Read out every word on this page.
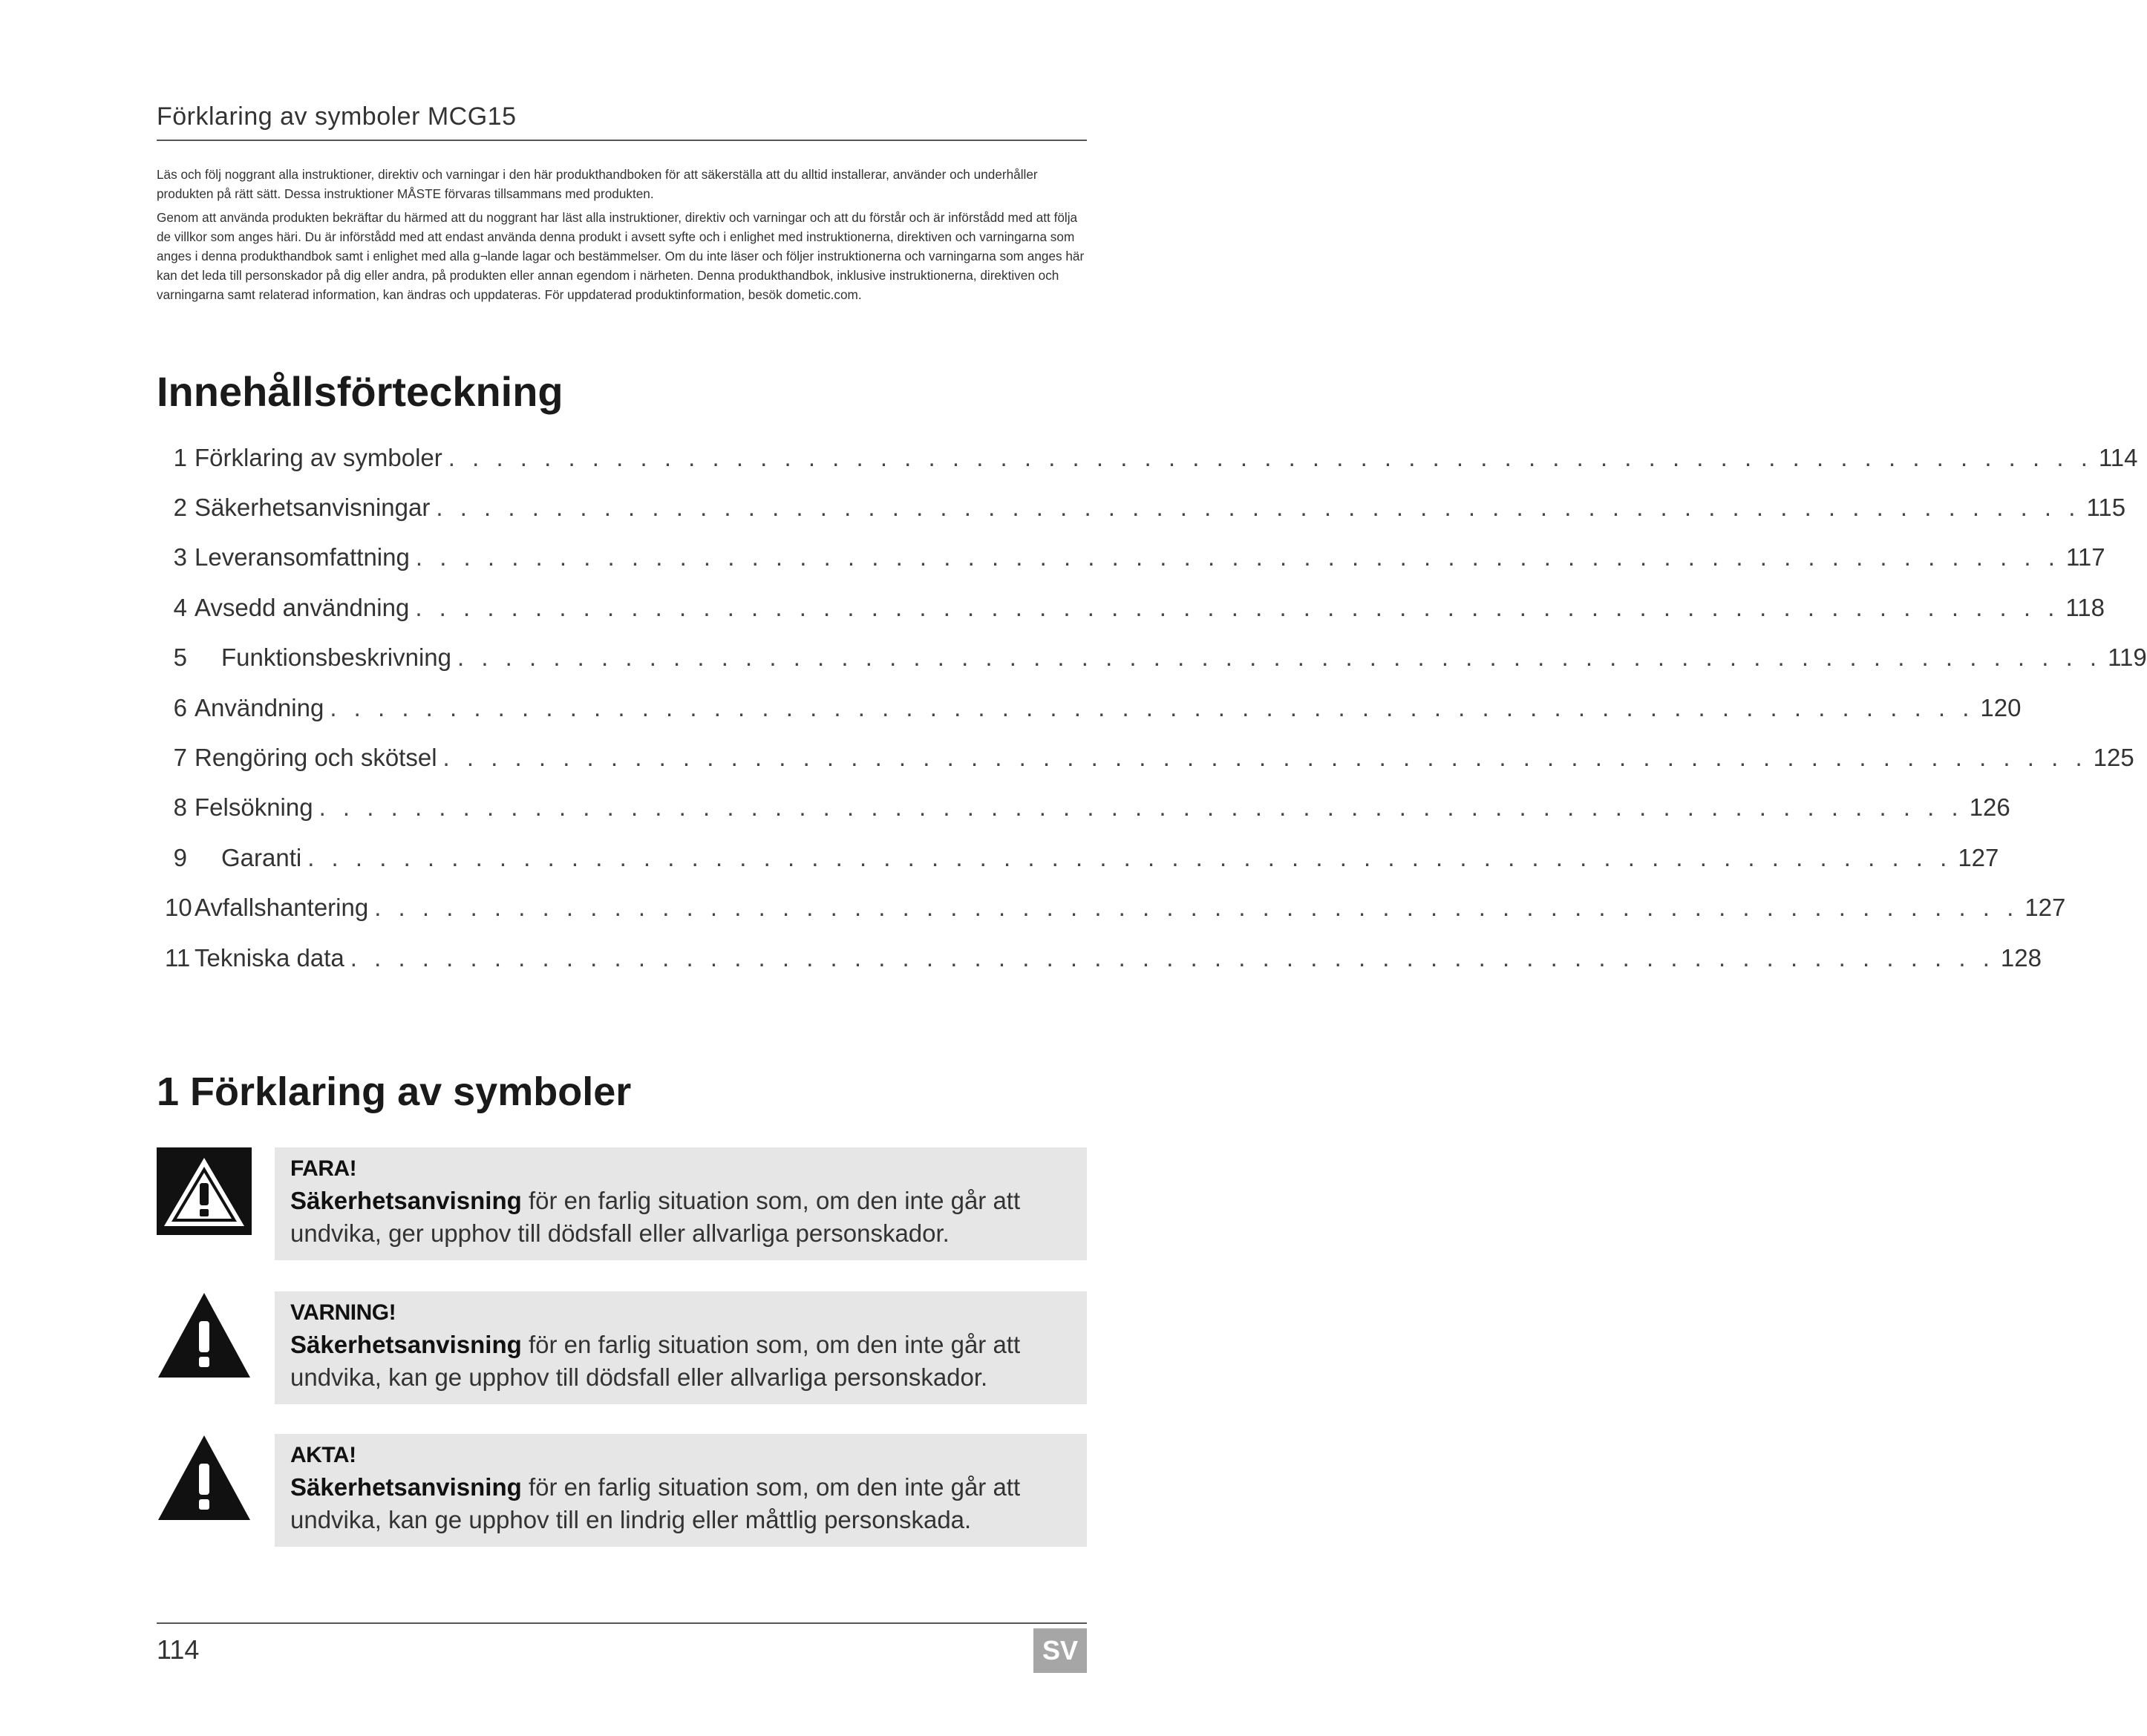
Förklaring av symboler MCG15

Läs och följ noggrant alla instruktioner, direktiv och varningar i den här produkthandboken för att säkerställa att du alltid installerar, använder och underhåller produkten på rätt sätt. Dessa instruktioner MÅSTE förvaras tillsammans med produkten.

Genom att använda produkten bekräftar du härmed att du noggrant har läst alla instruktioner, direktiv och varningar och att du förstår och är införstådd med att följa de villkor som anges häri. Du är införstådd med att endast använda denna produkt i avsett syfte och i enlighet med instruktionerna, direktiven och varningarna som anges i denna produkthandbok samt i enlighet med alla g¬lande lagar och bestämmelser. Om du inte läser och följer instruktionerna och varningarna som anges här kan det leda till personskador på dig eller andra, på produkten eller annan egendom i närheten. Denna produkthandbok, inklusive instruktionerna, direktiven och varningarna samt relaterad information, kan ändras och uppdateras. För uppdaterad produktinformation, besök dometic.com.

Innehållsförteckning
1 Förklaring av symboler . . . . . . . . . . . . . . . . . . . . . . . . . . . . . . . . . . . . . . . . . . . . . . . . . . . . . . . . . . . . . . . . . . . . . 114
2 Säkerhetsanvisningar . . . . . . . . . . . . . . . . . . . . . . . . . . . . . . . . . . . . . . . . . . . . . . . . . . . . . . . . . . . . . . . . . . . . . 115
3 Leveransomfattning . . . . . . . . . . . . . . . . . . . . . . . . . . . . . . . . . . . . . . . . . . . . . . . . . . . . . . . . . . . . . . . . . . . . . 117
4 Avsedd användning . . . . . . . . . . . . . . . . . . . . . . . . . . . . . . . . . . . . . . . . . . . . . . . . . . . . . . . . . . . . . . . . . . . . . 118
5 Funktionsbeskrivning . . . . . . . . . . . . . . . . . . . . . . . . . . . . . . . . . . . . . . . . . . . . . . . . . . . . . . . . . . . . . . . . . . . . . 119
6 Användning . . . . . . . . . . . . . . . . . . . . . . . . . . . . . . . . . . . . . . . . . . . . . . . . . . . . . . . . . . . . . . . . . . . . . 120
7 Rengöring och skötsel . . . . . . . . . . . . . . . . . . . . . . . . . . . . . . . . . . . . . . . . . . . . . . . . . . . . . . . . . . . . . . . . . . . . . 125
8 Felsökning . . . . . . . . . . . . . . . . . . . . . . . . . . . . . . . . . . . . . . . . . . . . . . . . . . . . . . . . . . . . . . . . . . . . . 126
9 Garanti . . . . . . . . . . . . . . . . . . . . . . . . . . . . . . . . . . . . . . . . . . . . . . . . . . . . . . . . . . . . . . . . . . . . . 127
10 Avfallshantering . . . . . . . . . . . . . . . . . . . . . . . . . . . . . . . . . . . . . . . . . . . . . . . . . . . . . . . . . . . . . . . . . . . . . 127
11 Tekniska data . . . . . . . . . . . . . . . . . . . . . . . . . . . . . . . . . . . . . . . . . . . . . . . . . . . . . . . . . . . . . . . . . . . . . 128
1 Förklaring av symboler
FARA!
Säkerhetsanvisning för en farlig situation som, om den inte går att undvika, ger upphov till dödsfall eller allvarliga personskador.
VARNING!
Säkerhetsanvisning för en farlig situation som, om den inte går att undvika, kan ge upphov till dödsfall eller allvarliga personskador.
AKTA!
Säkerhetsanvisning för en farlig situation som, om den inte går att undvika, kan ge upphov till en lindrig eller måttlig personskada.
114	SV
